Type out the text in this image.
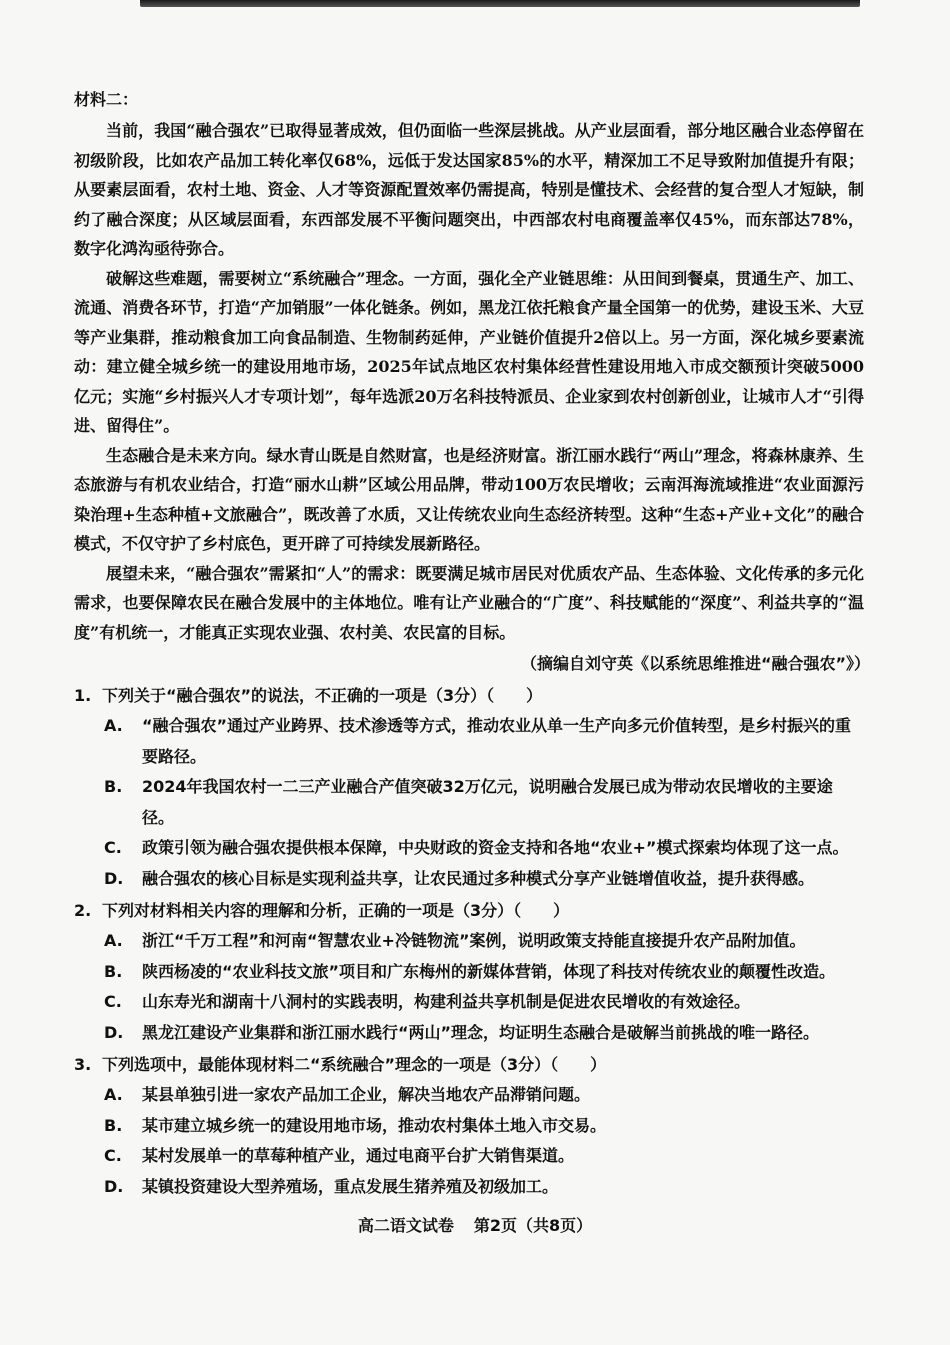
材料二：

当前，我国“融合强农”已取得显著成效，但仍面临一些深层挑战。从产业层面看，部分地区融合业态停留在初级阶段，比如农产品加工转化率仅68%，远低于发达国家85%的水平，精深加工不足导致附加值提升有限；从要素层面看，农村土地、资金、人才等资源配置效率仍需提高，特别是懂技术、会经营的复合型人才短缺，制约了融合深度；从区域层面看，东西部发展不平衡问题突出，中西部农村电商覆盖率仅45%，而东部达78%，数字化鸿沟亟待弥合。

破解这些难题，需要树立“系统融合”理念。一方面，强化全产业链思维：从田间到餐桌，贯通生产、加工、流通、消费各环节，打造“产加销服”一体化链条。例如，黑龙江依托粮食产量全国第一的优势，建设玉米、大豆等产业集群，推动粮食加工向食品制造、生物制药延伸，产业链价值提升2倍以上。另一方面，深化城乡要素流动：建立健全城乡统一的建设用地市场，2025年试点地区农村集体经营性建设用地入市成交额预计突破5000亿元；实施“乡村振兴人才专项计划”，每年选派20万名科技特派员、企业家到农村创新创业，让城市人才“引得进、留得住”。

生态融合是未来方向。绿水青山既是自然财富，也是经济财富。浙江丽水践行“两山”理念，将森林康养、生态旅游与有机农业结合，打造“丽水山耕”区域公用品牌，带动100万农民增收；云南洱海流域推进“农业面源污染治理+生态种植+文旅融合”，既改善了水质，又让传统农业向生态经济转型。这种“生态+产业+文化”的融合模式，不仅守护了乡村底色，更开辟了可持续发展新路径。

展望未来，“融合强农”需紧扣“人”的需求：既要满足城市居民对优质农产品、生态体验、文化传承的多元化需求，也要保障农民在融合发展中的主体地位。唯有让产业融合的“广度”、科技赋能的“深度”、利益共享的“温度”有机统一，才能真正实现农业强、农村美、农民富的目标。

（摘编自刘守英《以系统思维推进“融合强农”》）

1. 下列关于“融合强农”的说法，不正确的一项是（3分）（　　）

A. “融合强农”通过产业跨界、技术渗透等方式，推动农业从单一生产向多元价值转型，是乡村振兴的重要路径。

B. 2024年我国农村一二三产业融合产值突破32万亿元，说明融合发展已成为带动农民增收的主要途径。

C. 政策引领为融合强农提供根本保障，中央财政的资金支持和各地“农业+”模式探索均体现了这一点。

D. 融合强农的核心目标是实现利益共享，让农民通过多种模式分享产业链增值收益，提升获得感。

2. 下列对材料相关内容的理解和分析，正确的一项是（3分）（　　）

A. 浙江“千万工程”和河南“智慧农业+冷链物流”案例，说明政策支持能直接提升农产品附加值。

B. 陕西杨凌的“农业科技文旅”项目和广东梅州的新媒体营销，体现了科技对传统农业的颠覆性改造。

C. 山东寿光和湖南十八洞村的实践表明，构建利益共享机制是促进农民增收的有效途径。

D. 黑龙江建设产业集群和浙江丽水践行“两山”理念，均证明生态融合是破解当前挑战的唯一路径。

3. 下列选项中，最能体现材料二“系统融合”理念的一项是（3分）（　　）

A. 某县单独引进一家农产品加工企业，解决当地农产品滞销问题。

B. 某市建立城乡统一的建设用地市场，推动农村集体土地入市交易。

C. 某村发展单一的草莓种植产业，通过电商平台扩大销售渠道。

D. 某镇投资建设大型养殖场，重点发展生猪养殖及初级加工。

高二语文试卷 第2页（共8页）
